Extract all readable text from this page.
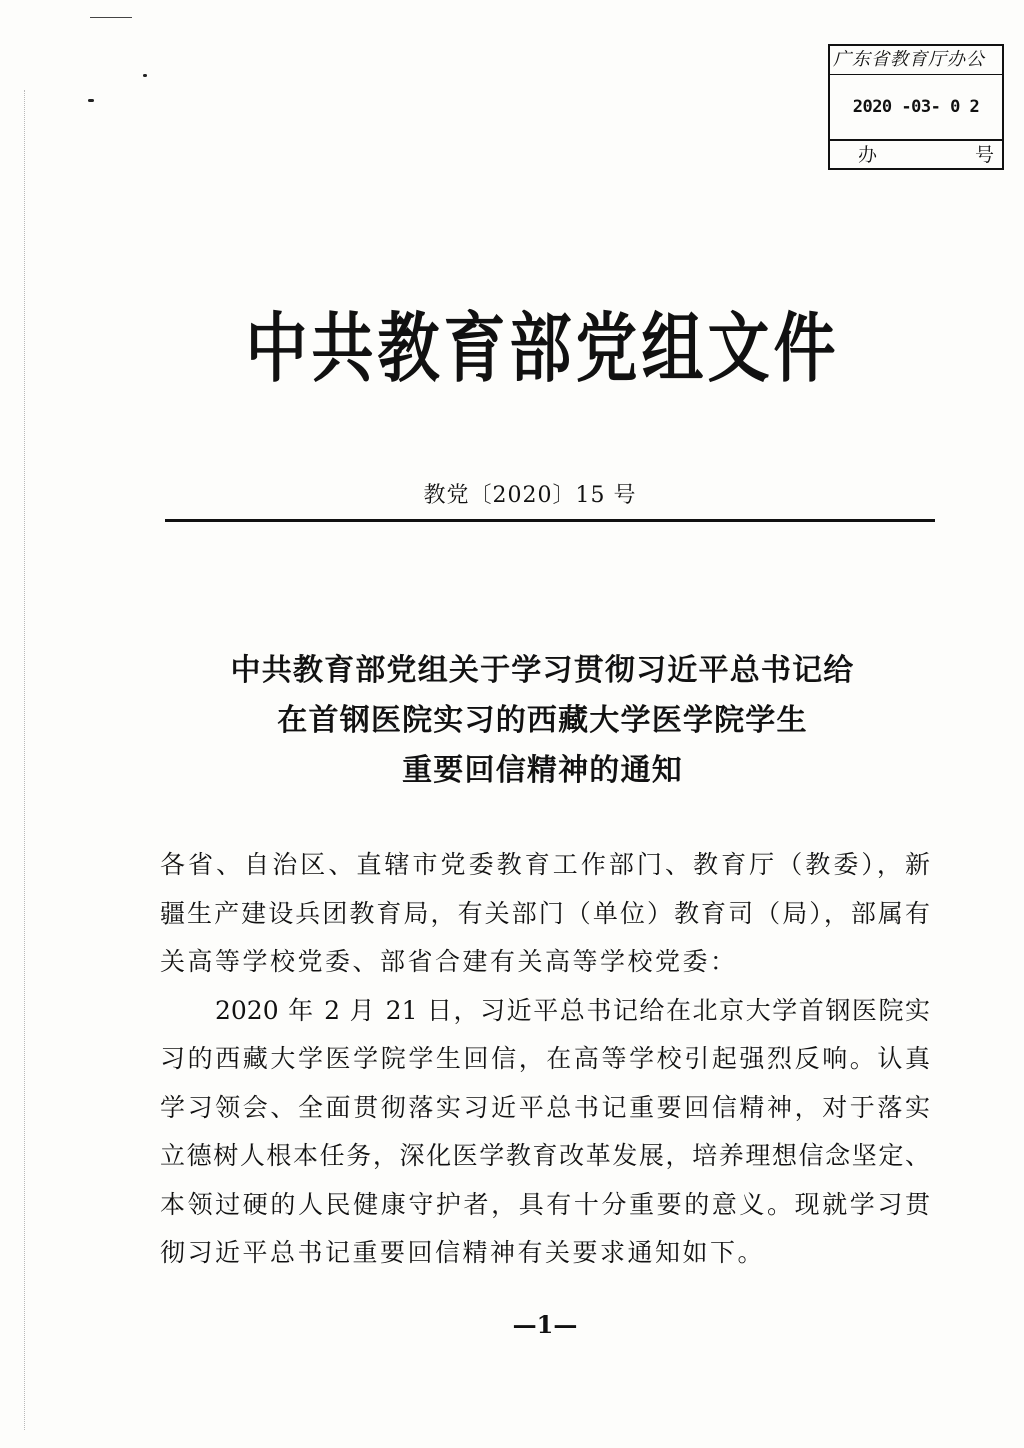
广东省教育厅办公
2020 -03- 0 2
办	号
中共教育部党组文件
教党〔2020〕15 号
中共教育部党组关于学习贯彻习近平总书记给
在首钢医院实习的西藏大学医学院学生
重要回信精神的通知
各省、自治区、直辖市党委教育工作部门、教育厅（教委），新
疆生产建设兵团教育局，有关部门（单位）教育司（局），部属有
关高等学校党委、部省合建有关高等学校党委：
2020 年 2 月 21 日，习近平总书记给在北京大学首钢医院实
习的西藏大学医学院学生回信，在高等学校引起强烈反响。认真
学习领会、全面贯彻落实习近平总书记重要回信精神，对于落实
立德树人根本任务，深化医学教育改革发展，培养理想信念坚定、
本领过硬的人民健康守护者，具有十分重要的意义。现就学习贯
彻习近平总书记重要回信精神有关要求通知如下。
—1—
